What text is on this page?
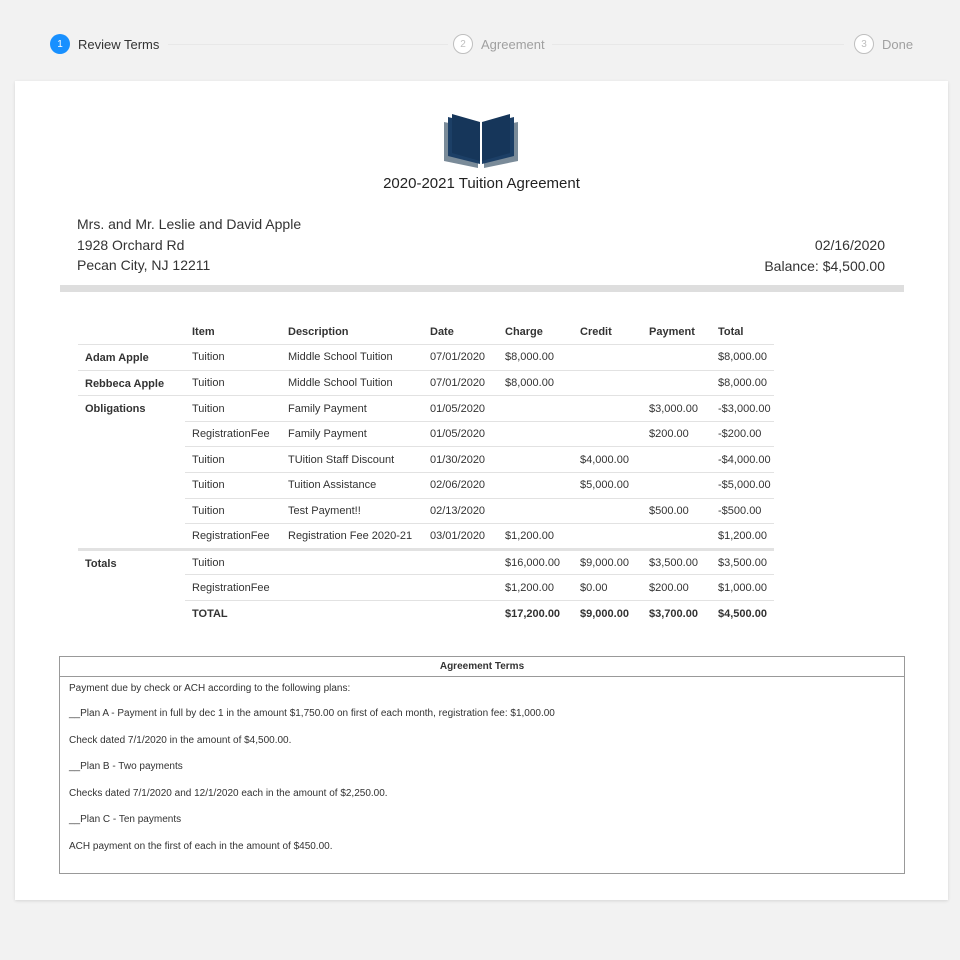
1	Review Terms	2	Agreement	3	Done
2020-2021 Tuition Agreement
Mrs. and Mr. Leslie and David Apple
1928 Orchard Rd
Pecan City, NJ 12211
02/16/2020
Balance: $4,500.00
	Item	Description	Date	Charge	Credit	Payment	Total
Adam Apple	Tuition	Middle School Tuition	07/01/2020	$8,000.00			$8,000.00
Rebbeca Apple	Tuition	Middle School Tuition	07/01/2020	$8,000.00			$8,000.00
Obligations	Tuition	Family Payment	01/05/2020			$3,000.00	-$3,000.00
	RegistrationFee	Family Payment	01/05/2020			$200.00	-$200.00
	Tuition	TUition Staff Discount	01/30/2020		$4,000.00		-$4,000.00
	Tuition	Tuition Assistance	02/06/2020		$5,000.00		-$5,000.00
	Tuition	Test Payment!!	02/13/2020			$500.00	-$500.00
	RegistrationFee	Registration Fee 2020-21	03/01/2020	$1,200.00			$1,200.00
Totals	Tuition			$16,000.00	$9,000.00	$3,500.00	$3,500.00
	RegistrationFee			$1,200.00	$0.00	$200.00	$1,000.00
	TOTAL			$17,200.00	$9,000.00	$3,700.00	$4,500.00
Agreement Terms
Payment due by check or ACH according to the following plans:
__Plan A - Payment in full by dec 1 in the amount $1,750.00 on first of each month, registration fee: $1,000.00
Check dated 7/1/2020 in the amount of $4,500.00.
__Plan B - Two payments
Checks dated 7/1/2020 and 12/1/2020 each in the amount of $2,250.00.
__Plan C - Ten payments
ACH payment on the first of each in the amount of $450.00.
